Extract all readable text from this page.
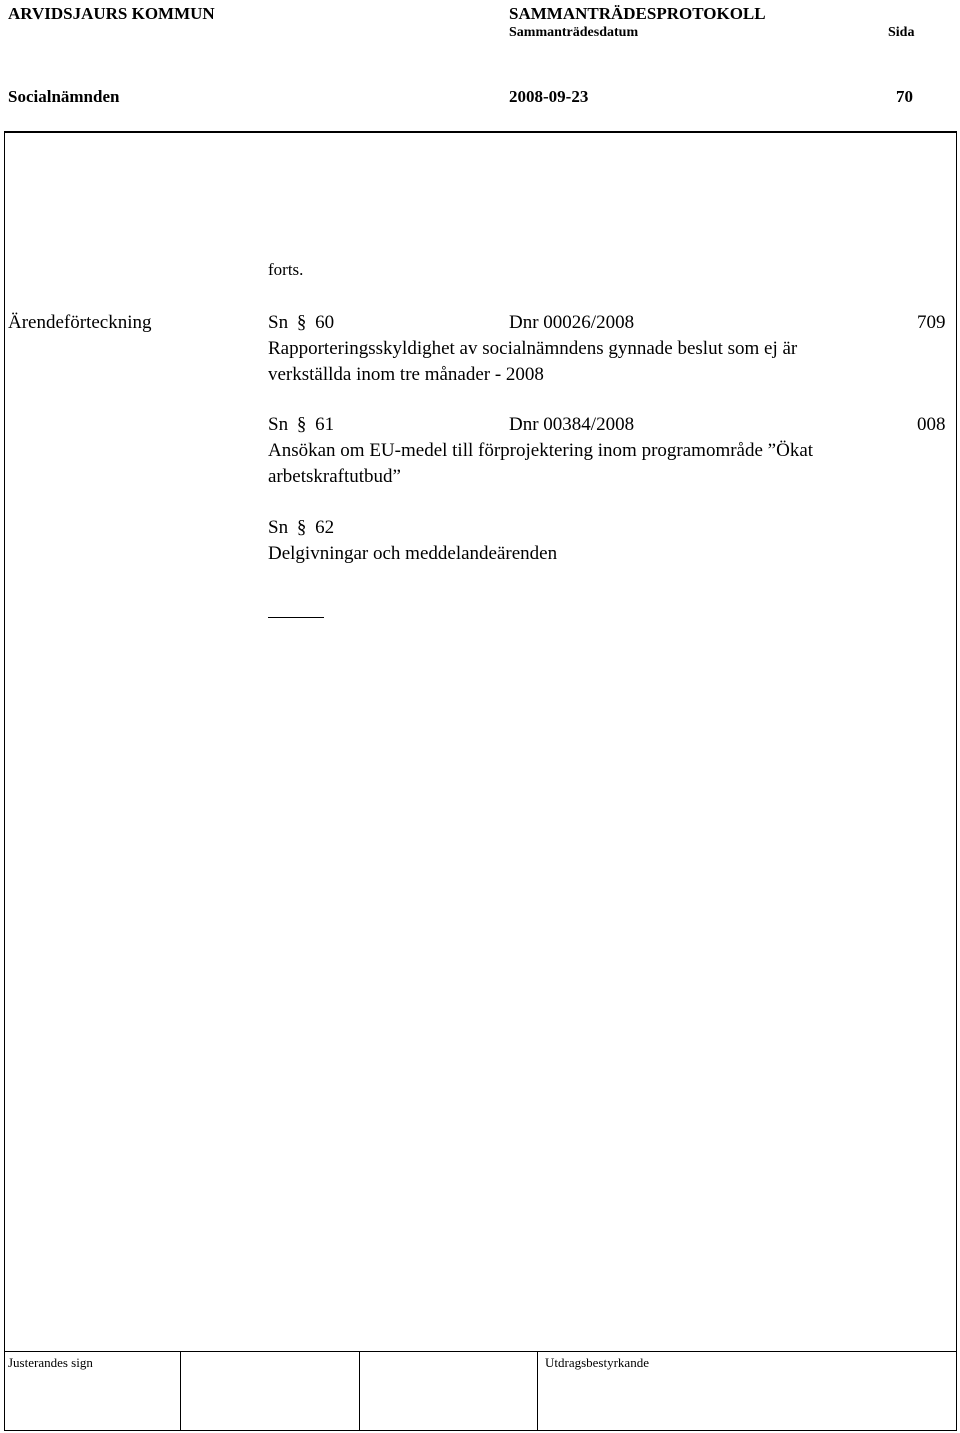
ARVIDSJAURS KOMMUN	SAMMANTRÄDESPROTOKOLL
Sammanträdesdatum	Sida
Socialnämnden	2008-09-23	70
forts.
Ärendeförteckning	Sn § 60	Dnr 00026/2008	709
Rapporteringsskyldighet av socialnämndens gynnade beslut som ej är
verkställda inom tre månader - 2008
Sn § 61	Dnr 00384/2008	008
Ansökan om EU-medel till förprojektering inom programområde ”Ökat
arbetskraftutbud”
Sn § 62
Delgivningar och meddelandeärenden
Justerandes sign	Utdragsbestyrkande
